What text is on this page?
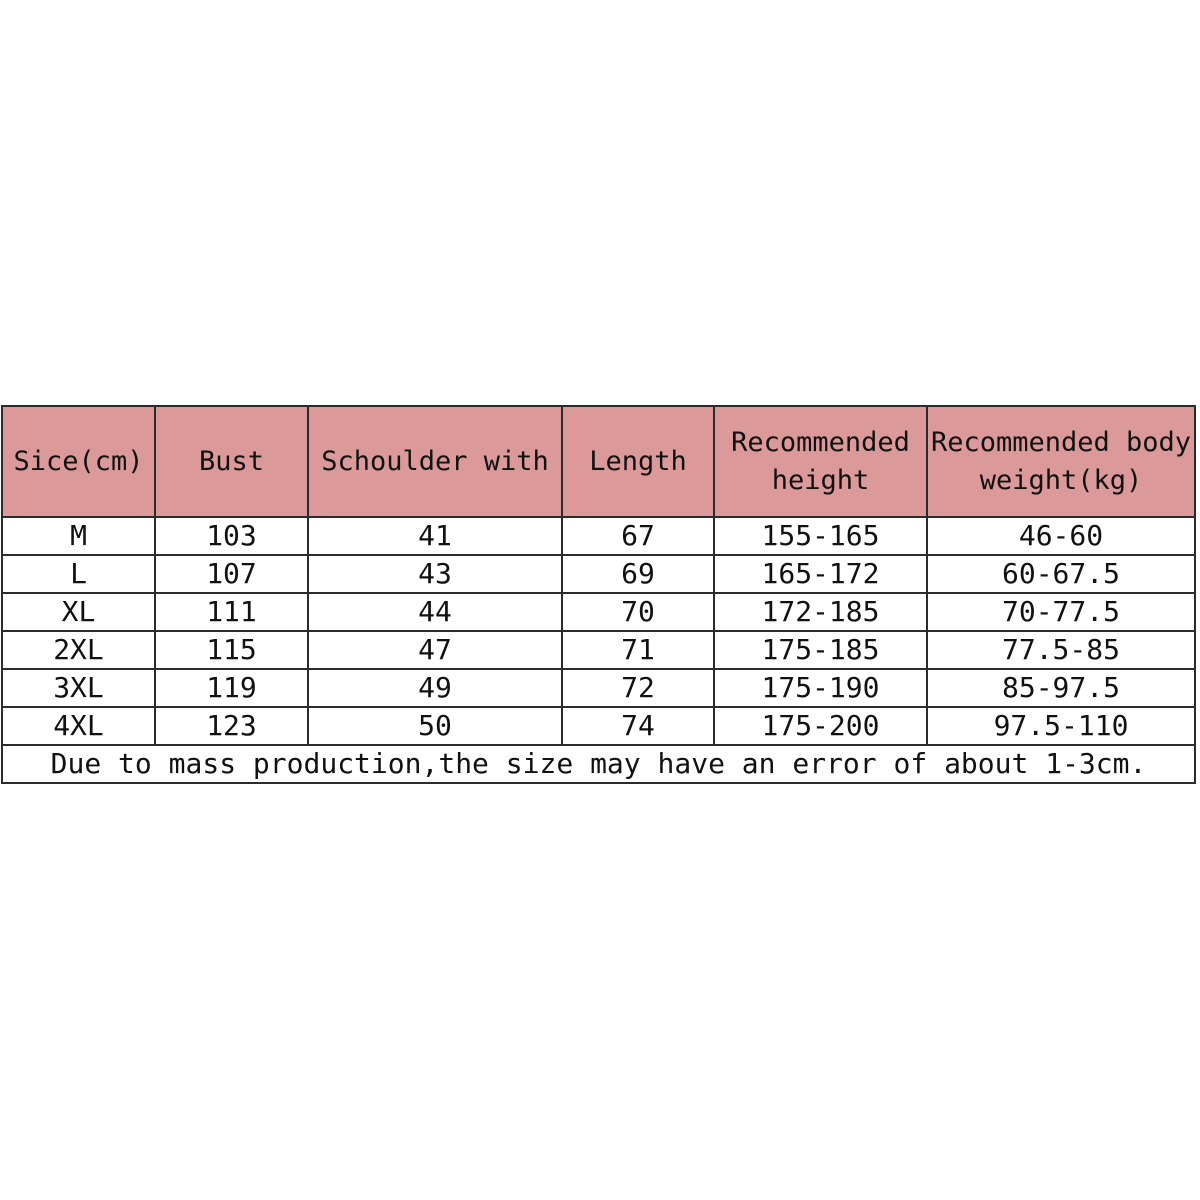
Sice(cm)	Bust	Schoulder with	Length	Recommended height	Recommended body weight(kg)
M	103	41	67	155-165	46-60
L	107	43	69	165-172	60-67.5
XL	111	44	70	172-185	70-77.5
2XL	115	47	71	175-185	77.5-85
3XL	119	49	72	175-190	85-97.5
4XL	123	50	74	175-200	97.5-110
Due to mass production,the size may have an error of about 1-3cm.					
